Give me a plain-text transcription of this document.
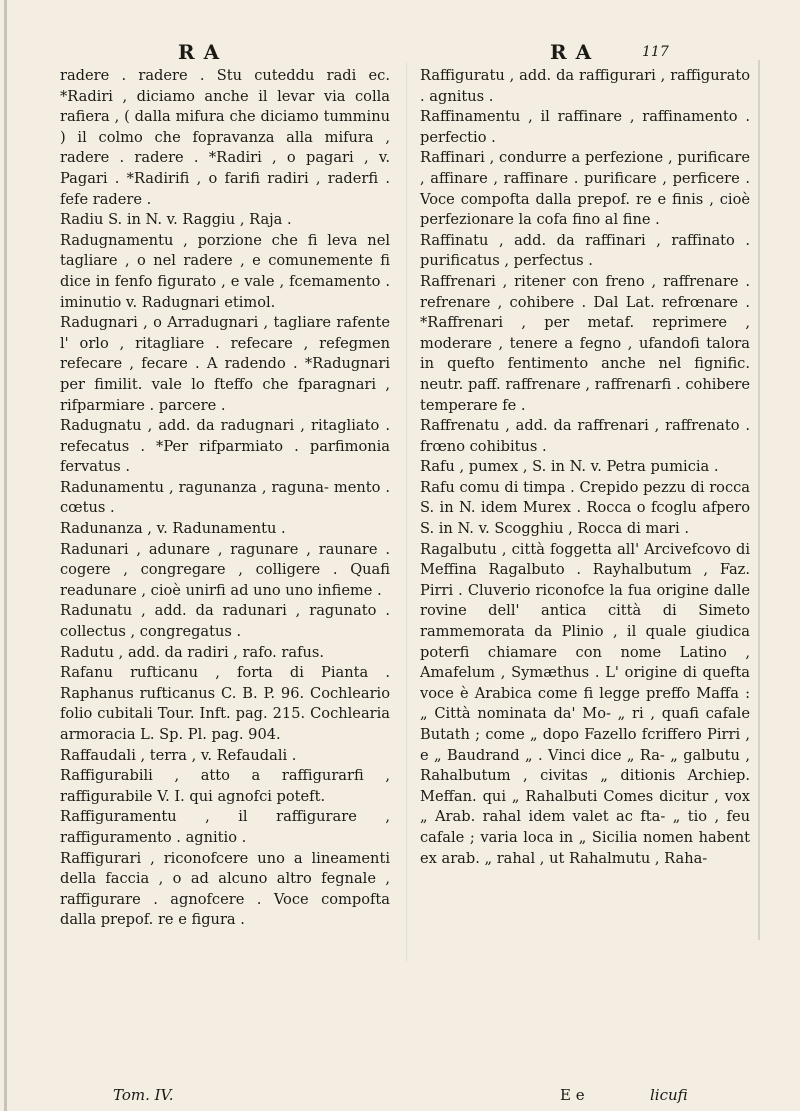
R A	R A	117

radere . radere . Stu cuteddu radi ec. *Radiri , diciamo anche il levar via colla rafiera , ( dalla mifura che diciamo tumminu ) il colmo che fopravanza alla mifura , radere . radere . *Radiri , o pagari , v. Pagari . *Radirifi , o farifi radiri , raderfi . fefe radere .

Radiu S. in N. v. Raggiu , Raja .

Radugnamentu , porzione che fi leva nel tagliare , o nel radere , e comunemente fi dice in fenfo figurato , e vale , fcemamento . iminutio v. Radugnari etimol.

Radugnari , o Arradugnari , tagliare rafente l' orlo , ritagliare . refecare , refegmen refecare , fecare . A radendo . *Radugnari per fimilit. vale lo fteffo che fparagnari , rifparmiare . parcere .

Radugnatu , add. da radugnari , ritagliato . refecatus . *Per rifparmiato . parfimonia fervatus .

Radunamentu , ragunanza , raguna- mento . cœtus .

Radunanza , v. Radunamentu .

Radunari , adunare , ragunare , raunare . cogere , congregare , colligere . Quafi readunare , cioè unirfi ad uno uno infieme .

Radunatu , add. da radunari , ragunato . collectus , congregatus .

Radutu , add. da radiri , rafo. rafus.

Rafanu rufticanu , forta di Pianta . Raphanus rufticanus C. B. P. 96. Cochleario folio cubitali Tour. Inft. pag. 215. Cochlearia armoracia L. Sp. Pl. pag. 904.

Raffaudali , terra , v. Refaudali .

Raffigurabili , atto a raffigurarfi , raffigurabile V. I. qui agnofci poteft.

Raffiguramentu , il raffigurare , raffiguramento . agnitio .

Raffigurari , riconofcere uno a lineamenti della faccia , o ad alcuno altro fegnale , raffigurare . agnofcere . Voce compofta dalla prepof. re e figura .

Raffiguratu , add. da raffigurari , raffigurato . agnitus .

Raffinamentu , il raffinare , raffinamento . perfectio .

Raffinari , condurre a perfezione , purificare , affinare , raffinare . purificare , perficere . Voce compofta dalla prepof. re e finis , cioè perfezionare la cofa fino al fine .

Raffinatu , add. da raffinari , raffinato . purificatus , perfectus .

Raffrenari , ritener con freno , raffrenare . refrenare , cohibere . Dal Lat. refrœnare . *Raffrenari , per metaf. reprimere , moderare , tenere a fegno , ufandofi talora in quefto fentimento anche nel fignific. neutr. paff. raffrenare , raffrenarfi . cohibere temperare fe .

Raffrenatu , add. da raffrenari , raffrenato . frœno cohibitus .

Rafu , pumex , S. in N. v. Petra pumicia .

Rafu comu di timpa . Crepido pezzu di rocca S. in N. idem Murex . Rocca o fcoglu afpero S. in N. v. Scogghiu , Rocca di mari .

Ragalbutu , città foggetta all' Arcivefcovo di Meffina Ragalbuto . Rayhalbutum , Faz. Pirri . Cluverio riconofce la fua origine dalle rovine dell' antica città di Simeto rammemorata da Plinio , il quale giudica poterfi chiamare con nome Latino , Amafelum , Symæthus . L' origine di quefta voce è Arabica come fi legge preffo Maffa : „ Città nominata da' Mo- „ ri , quafi cafale Butath ; come „ dopo Fazello fcriffero Pirri , e „ Baudrand „ . Vinci dice „ Ra- „ galbutu , Rahalbutum , civitas „ ditionis Archiep. Meffan. qui „ Rahalbuti Comes dicitur , vox „ Arab. rahal idem valet ac fta- „ tio , feu cafale ; varia loca in „ Sicilia nomen habent ex arab. „ rahal , ut Rahalmutu , Raha-

Tom. IV.	E e	licufi
